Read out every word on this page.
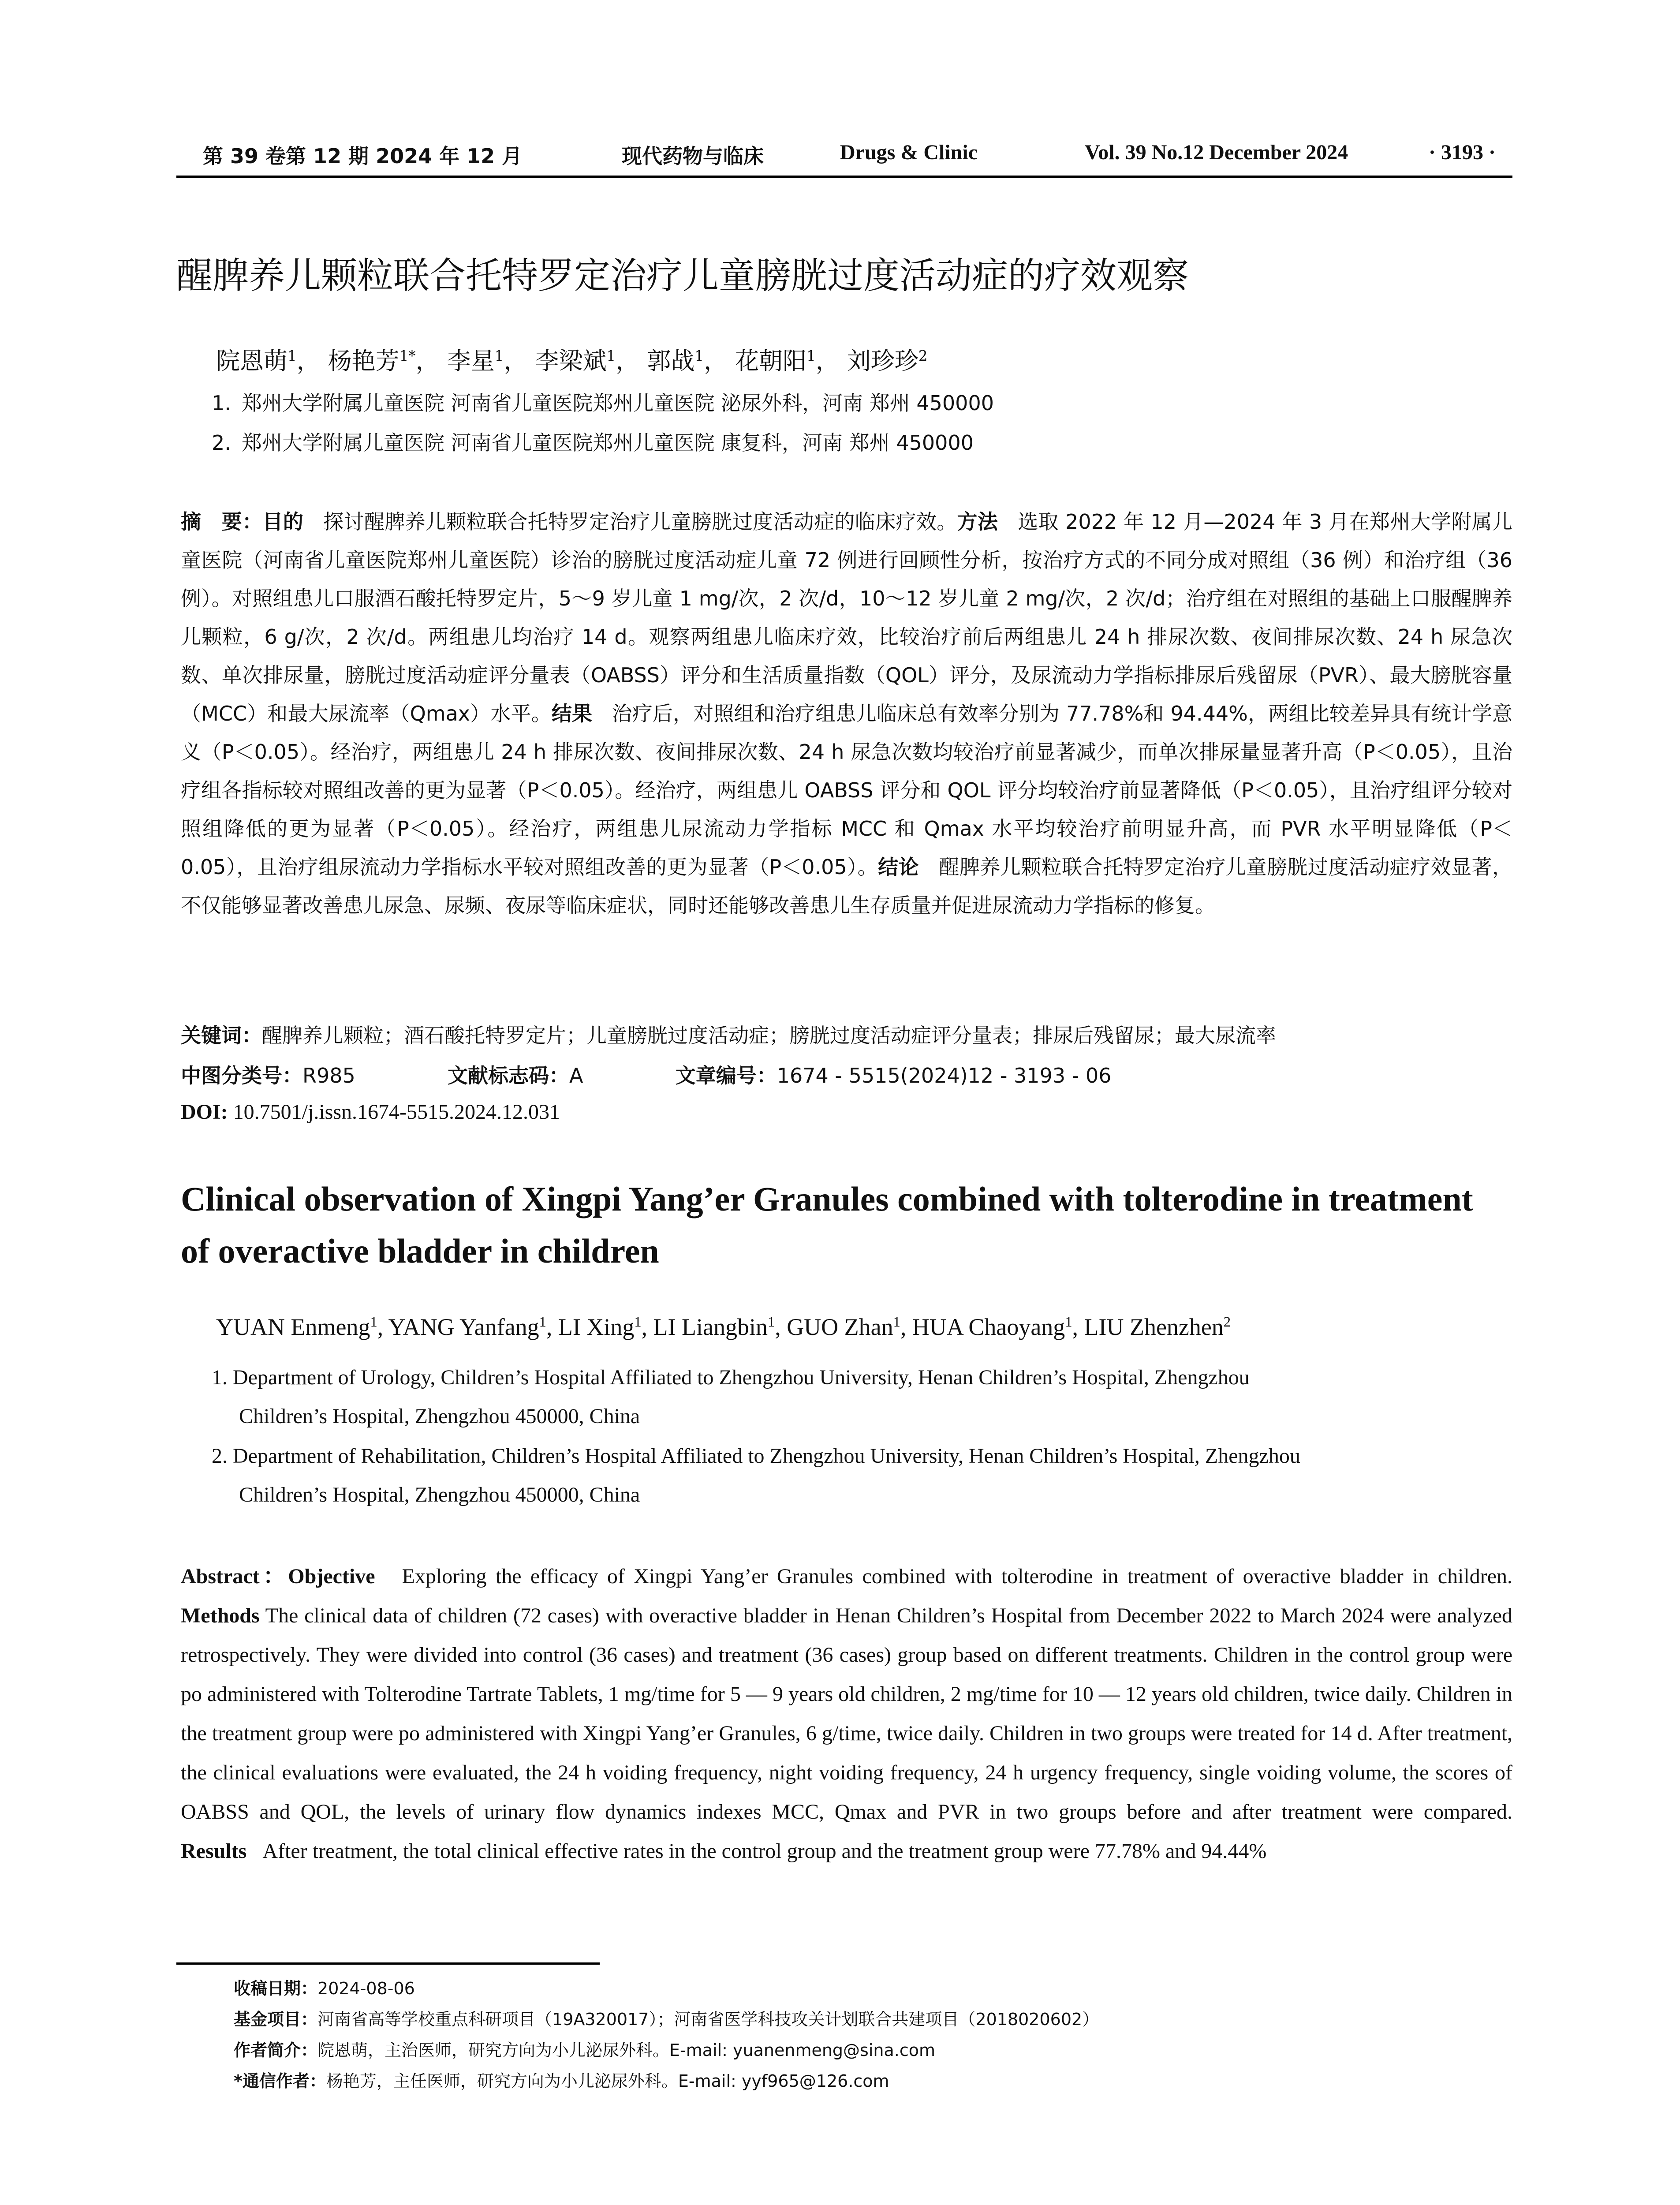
第 39 卷第 12 期 2024 年 12 月	现代药物与临床	Drugs & Clinic	Vol. 39 No.12 December 2024	· 3193 ·
醒脾养儿颗粒联合托特罗定治疗儿童膀胱过度活动症的疗效观察
院恩萌$^1$， 杨艳芳$^{1*}$， 李星$^1$， 李梁斌$^1$， 郭战$^1$， 花朝阳$^1$， 刘珍珍$^2$
1. 郑州大学附属儿童医院 河南省儿童医院郑州儿童医院 泌尿外科，河南 郑州 450000
2. 郑州大学附属儿童医院 河南省儿童医院郑州儿童医院 康复科，河南 郑州 450000
摘　要：目的 探讨醒脾养儿颗粒联合托特罗定治疗儿童膀胱过度活动症的临床疗效。方法 选取 2022 年 12 月—2024 年 3 月在郑州大学附属儿童医院（河南省儿童医院郑州儿童医院）诊治的膀胱过度活动症儿童 72 例进行回顾性分析，按治疗方式的不同分成对照组（36 例）和治疗组（36 例）。对照组患儿口服酒石酸托特罗定片，5～9 岁儿童 1 mg/次，2 次/d，10～12 岁儿童 2 mg/次，2 次/d；治疗组在对照组的基础上口服醒脾养儿颗粒，6 g/次，2 次/d。两组患儿均治疗 14 d。观察两组患儿临床疗效，比较治疗前后两组患儿 24 h 排尿次数、夜间排尿次数、24 h 尿急次数、单次排尿量，膀胱过度活动症评分量表（OABSS）评分和生活质量指数（QOL）评分，及尿流动力学指标排尿后残留尿（PVR）、最大膀胱容量（MCC）和最大尿流率（Qmax）水平。结果 治疗后，对照组和治疗组患儿临床总有效率分别为 77.78%和 94.44%，两组比较差异具有统计学意义（P＜0.05）。经治疗，两组患儿 24 h 排尿次数、夜间排尿次数、24 h 尿急次数均较治疗前显著减少，而单次排尿量显著升高（P＜0.05），且治疗组各指标较对照组改善的更为显著（P＜0.05）。经治疗，两组患儿 OABSS 评分和 QOL 评分均较治疗前显著降低（P＜0.05），且治疗组评分较对照组降低的更为显著（P＜0.05）。经治疗，两组患儿尿流动力学指标 MCC 和 Qmax 水平均较治疗前明显升高，而 PVR 水平明显降低（P＜0.05），且治疗组尿流动力学指标水平较对照组改善的更为显著（P＜0.05）。结论 醒脾养儿颗粒联合托特罗定治疗儿童膀胱过度活动症疗效显著，不仅能够显著改善患儿尿急、尿频、夜尿等临床症状，同时还能够改善患儿生存质量并促进尿流动力学指标的修复。
关键词：醒脾养儿颗粒；酒石酸托特罗定片；儿童膀胱过度活动症；膀胱过度活动症评分量表；排尿后残留尿；最大尿流率
中图分类号：R985	文献标志码：A	文章编号：1674 - 5515(2024)12 - 3193 - 06
DOI: 10.7501/j.issn.1674-5515.2024.12.031
Clinical observation of Xingpi Yang’er Granules combined with tolterodine in treatment of overactive bladder in children
YUAN Enmeng$^1$, YANG Yanfang$^1$, LI Xing$^1$, LI Liangbin$^1$, GUO Zhan$^1$, HUA Chaoyang$^1$, LIU Zhenzhen$^2$
1. Department of Urology, Children’s Hospital Affiliated to Zhengzhou University, Henan Children’s Hospital, Zhengzhou
Children’s Hospital, Zhengzhou 450000, China
2. Department of Rehabilitation, Children’s Hospital Affiliated to Zhengzhou University, Henan Children’s Hospital, Zhengzhou
Children’s Hospital, Zhengzhou 450000, China
Abstract：Objective Exploring the efficacy of Xingpi Yang’er Granules combined with tolterodine in treatment of overactive bladder in children. Methods The clinical data of children (72 cases) with overactive bladder in Henan Children’s Hospital from December 2022 to March 2024 were analyzed retrospectively. They were divided into control (36 cases) and treatment (36 cases) group based on different treatments. Children in the control group were po administered with Tolterodine Tartrate Tablets, 1 mg/time for 5 — 9 years old children, 2 mg/time for 10 — 12 years old children, twice daily. Children in the treatment group were po administered with Xingpi Yang’er Granules, 6 g/time, twice daily. Children in two groups were treated for 14 d. After treatment, the clinical evaluations were evaluated, the 24 h voiding frequency, night voiding frequency, 24 h urgency frequency, single voiding volume, the scores of OABSS and QOL, the levels of urinary flow dynamics indexes MCC, Qmax and PVR in two groups before and after treatment were compared. Results After treatment, the total clinical effective rates in the control group and the treatment group were 77.78% and 94.44%
收稿日期：2024-08-06
基金项目：河南省高等学校重点科研项目（19A320017）；河南省医学科技攻关计划联合共建项目（2018020602）
作者简介：院恩萌，主治医师，研究方向为小儿泌尿外科。E-mail: yuanenmeng@sina.com
*通信作者：杨艳芳，主任医师，研究方向为小儿泌尿外科。E-mail: yyf965@126.com
